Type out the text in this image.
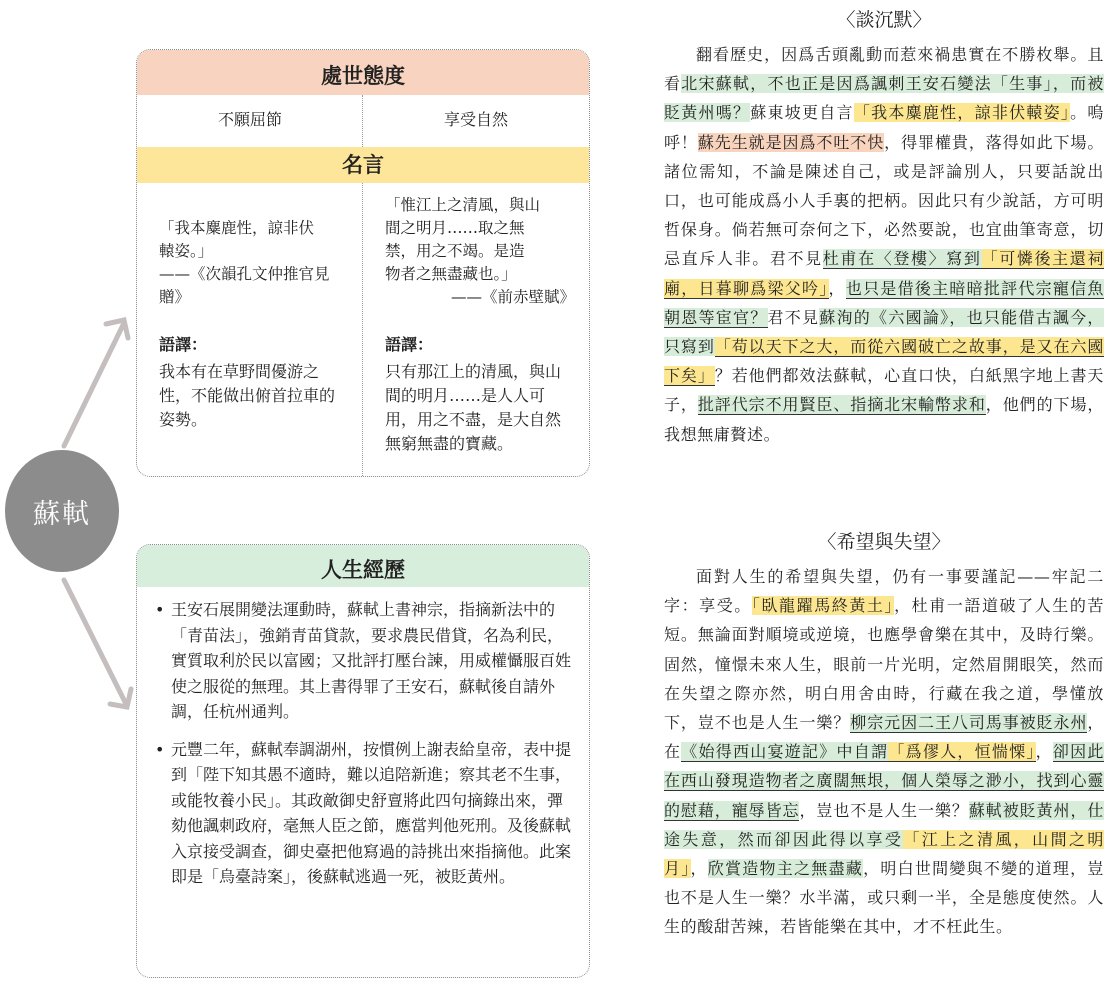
蘇軾
處世態度
不願屈節	享受自然
名言

「我本麋鹿性，諒非伏
轅姿。」

——《次韻孔文仲推官見贈》

語譯：
我本有在草野間優游之性，不能做出俯首拉車的姿勢。

「惟江上之清風，與山
間之明月……取之無
禁，用之不竭。是造
物者之無盡藏也。」

——《前赤壁賦》

語譯：
只有那江上的清風，與山間的明月……是人人可用，用之不盡，是大自然無窮無盡的寶藏。
人生經歷
• 王安石展開變法運動時，蘇軾上書神宗，指摘新法中的「青苗法」，強銷青苗貸款，要求農民借貸，名為利民，實質取利於民以富國；又批評打壓台諫，用威權懾服百姓使之服從的無理。其上書得罪了王安石，蘇軾後自請外調，任杭州通判。
• 元豐二年，蘇軾奉調湖州，按慣例上謝表給皇帝，表中提到「陛下知其愚不適時，難以追陪新進；察其老不生事，或能牧養小民」。其政敵御史舒亶將此四句摘錄出來，彈劾他諷刺政府，毫無人臣之節，應當判他死刑。及後蘇軾入京接受調查，御史臺把他寫過的詩挑出來指摘他。此案即是「烏臺詩案」，後蘇軾逃過一死，被貶黃州。
〈談沉默〉

翻看歷史，因爲舌頭亂動而惹來禍患實在不勝枚舉。且看北宋蘇軾，不也正是因爲諷刺王安石變法「生事」，而被貶黃州嗎？蘇東坡更自言「我本麋鹿性，諒非伏轅姿」。嗚呼！蘇先生就是因爲不吐不快，得罪權貴，落得如此下場。諸位需知，不論是陳述自己，或是評論別人，只要話說出口，也可能成爲小人手裏的把柄。因此只有少說話，方可明哲保身。倘若無可奈何之下，必然要說，也宜曲筆寄意，切忌直斥人非。君不見杜甫在〈登樓〉寫到「可憐後主還祠廟，日暮聊爲梁父吟」，也只是借後主暗暗批評代宗寵信魚朝恩等宦官？君不見蘇洵的《六國論》，也只能借古諷今，只寫到「苟以天下之大，而從六國破亡之故事，是又在六國下矣」？若他們都效法蘇軾，心直口快，白紙黑字地上書天子，批評代宗不用賢臣、指摘北宋輸幣求和，他們的下場，我想無庸贅述。

〈希望與失望〉

面對人生的希望與失望，仍有一事要謹記——牢記二字：享受。「臥龍躍馬終黃土」，杜甫一語道破了人生的苦短。無論面對順境或逆境，也應學會樂在其中，及時行樂。固然，憧憬未來人生，眼前一片光明，定然眉開眼笑，然而在失望之際亦然，明白用舍由時，行藏在我之道，學懂放下，豈不也是人生一樂？柳宗元因二王八司馬事被貶永州，在《始得西山宴遊記》中自謂「爲僇人，恒惴慄」，卻因此在西山發現造物者之廣闊無垠，個人榮辱之渺小，找到心靈的慰藉，寵辱皆忘，豈也不是人生一樂？蘇軾被貶黃州，仕途失意，然而卻因此得以享受「江上之清風，山間之明月」，欣賞造物主之無盡藏，明白世間變與不變的道理，豈也不是人生一樂？水半滿，或只剩一半，全是態度使然。人生的酸甜苦辣，若皆能樂在其中，才不枉此生。
